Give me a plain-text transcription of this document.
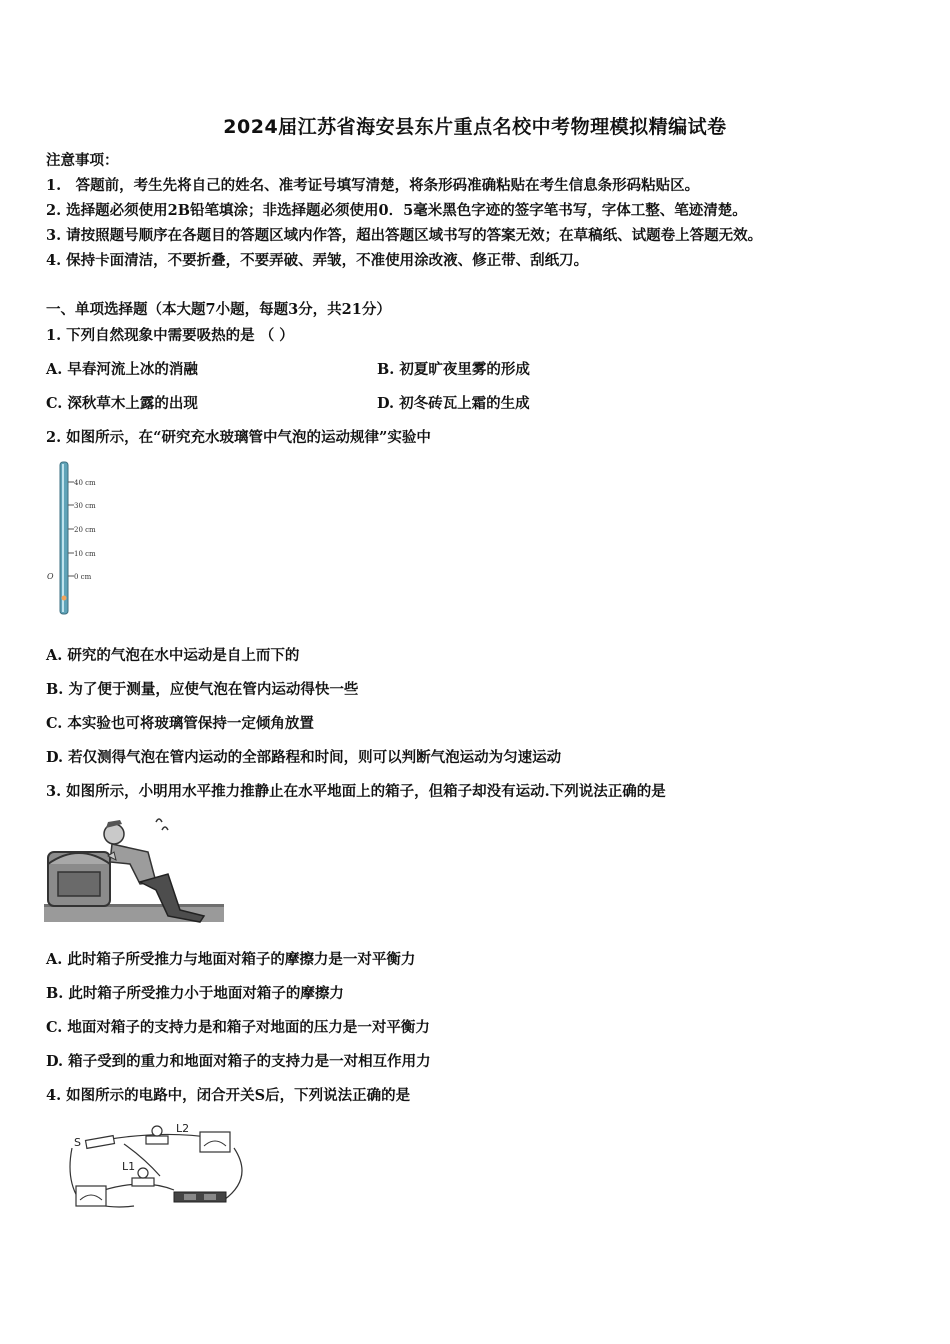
2024届江苏省海安县东片重点名校中考物理模拟精编试卷
注意事项：
1.　答题前，考生先将自己的姓名、准考证号填写清楚，将条形码准确粘贴在考生信息条形码粘贴区。
2. 选择题必须使用2B铅笔填涂；非选择题必须使用0．5毫米黑色字迹的签字笔书写，字体工整、笔迹清楚。
3. 请按照题号顺序在各题目的答题区域内作答，超出答题区域书写的答案无效；在草稿纸、试题卷上答题无效。
4. 保持卡面清洁，不要折叠，不要弄破、弄皱，不准使用涂改液、修正带、刮纸刀。
一、单项选择题（本大题7小题，每题3分，共21分）
1. 下列自然现象中需要吸热的是 （ ）
A. 早春河流上冰的消融	B. 初夏旷夜里雾的形成
C. 深秋草木上露的出现	D. 初冬砖瓦上霜的生成
2. 如图所示，在“研究充水玻璃管中气泡的运动规律”实验中
40 cm
30 cm
20 cm
10 cm
0 cm
O
A. 研究的气泡在水中运动是自上而下的
B. 为了便于测量，应使气泡在管内运动得快一些
C. 本实验也可将玻璃管保持一定倾角放置
D. 若仅测得气泡在管内运动的全部路程和时间，则可以判断气泡运动为匀速运动
3. 如图所示，小明用水平推力推静止在水平地面上的箱子，但箱子却没有运动.下列说法正确的是
A. 此时箱子所受推力与地面对箱子的摩擦力是一对平衡力
B. 此时箱子所受推力小于地面对箱子的摩擦力
C. 地面对箱子的支持力是和箱子对地面的压力是一对平衡力
D. 箱子受到的重力和地面对箱子的支持力是一对相互作用力
4. 如图所示的电路中，闭合开关S后，下列说法正确的是
S
L2
L1
